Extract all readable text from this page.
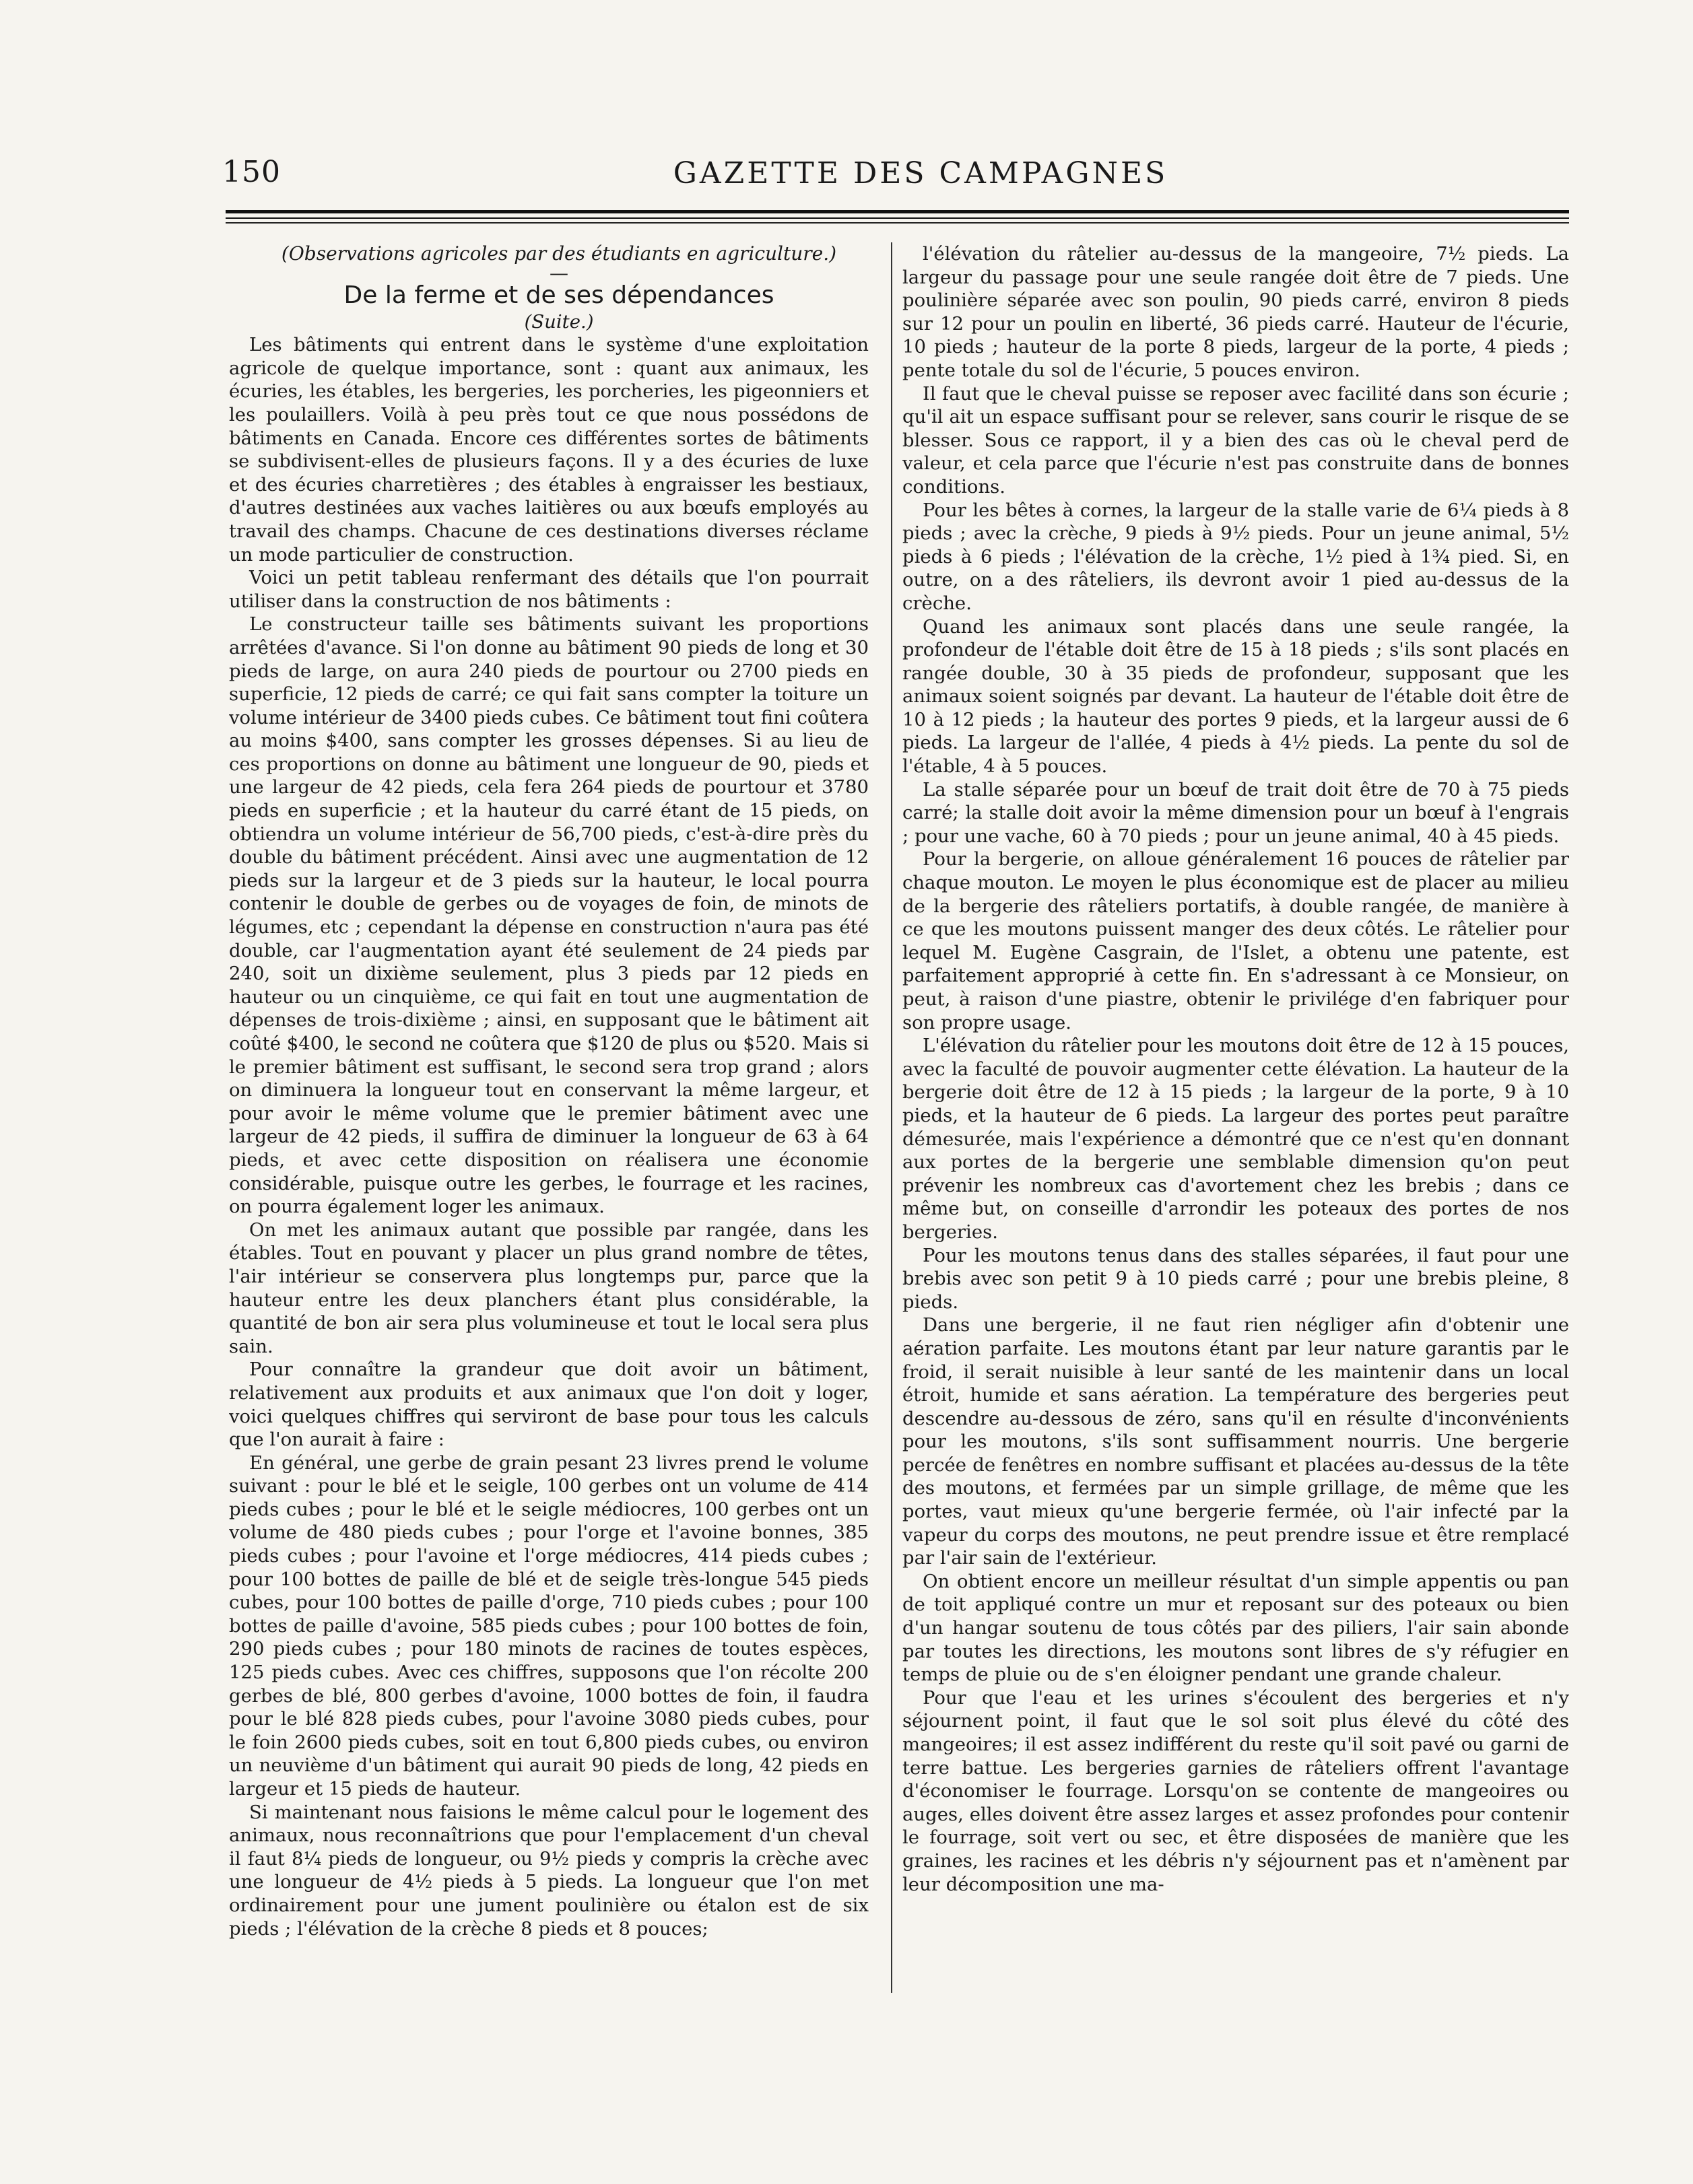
150	GAZETTE DES CAMPAGNES

(Observations agricoles par des étudiants en agriculture.)

—

De la ferme et de ses dépendances

(Suite.)

Les bâtiments qui entrent dans le système d'une exploitation agricole de quelque importance, sont : quant aux animaux, les écuries, les étables, les bergeries, les porcheries, les pigeonniers et les poulaillers. Voilà à peu près tout ce que nous possédons de bâtiments en Canada. Encore ces différentes sortes de bâtiments se subdivisent-elles de plusieurs façons. Il y a des écuries de luxe et des écuries charretières ; des étables à engraisser les bestiaux, d'autres destinées aux vaches laitières ou aux bœufs employés au travail des champs. Chacune de ces destinations diverses réclame un mode particulier de construction.

Voici un petit tableau renfermant des détails que l'on pourrait utiliser dans la construction de nos bâtiments :

Le constructeur taille ses bâtiments suivant les proportions arrêtées d'avance. Si l'on donne au bâtiment 90 pieds de long et 30 pieds de large, on aura 240 pieds de pourtour ou 2700 pieds en superficie, 12 pieds de carré; ce qui fait sans compter la toiture un volume intérieur de 3400 pieds cubes. Ce bâtiment tout fini coûtera au moins $400, sans compter les grosses dépenses. Si au lieu de ces proportions on donne au bâtiment une longueur de 90, pieds et une largeur de 42 pieds, cela fera 264 pieds de pourtour et 3780 pieds en superficie ; et la hauteur du carré étant de 15 pieds, on obtiendra un volume intérieur de 56,700 pieds, c'est-à-dire près du double du bâtiment précédent. Ainsi avec une augmentation de 12 pieds sur la largeur et de 3 pieds sur la hauteur, le local pourra contenir le double de gerbes ou de voyages de foin, de minots de légumes, etc ; cependant la dépense en construction n'aura pas été double, car l'augmentation ayant été seulement de 24 pieds par 240, soit un dixième seulement, plus 3 pieds par 12 pieds en hauteur ou un cinquième, ce qui fait en tout une augmentation de dépenses de trois-dixième ; ainsi, en supposant que le bâtiment ait coûté $400, le second ne coûtera que $120 de plus ou $520. Mais si le premier bâtiment est suffisant, le second sera trop grand ; alors on diminuera la longueur tout en conservant la même largeur, et pour avoir le même volume que le premier bâtiment avec une largeur de 42 pieds, il suffira de diminuer la longueur de 63 à 64 pieds, et avec cette disposition on réalisera une économie considérable, puisque outre les gerbes, le fourrage et les racines, on pourra également loger les animaux.

On met les animaux autant que possible par rangée, dans les étables. Tout en pouvant y placer un plus grand nombre de têtes, l'air intérieur se conservera plus longtemps pur, parce que la hauteur entre les deux planchers étant plus considérable, la quantité de bon air sera plus volumineuse et tout le local sera plus sain.

Pour connaître la grandeur que doit avoir un bâtiment, relativement aux produits et aux animaux que l'on doit y loger, voici quelques chiffres qui serviront de base pour tous les calculs que l'on aurait à faire :

En général, une gerbe de grain pesant 23 livres prend le volume suivant : pour le blé et le seigle, 100 gerbes ont un volume de 414 pieds cubes ; pour le blé et le seigle médiocres, 100 gerbes ont un volume de 480 pieds cubes ; pour l'orge et l'avoine bonnes, 385 pieds cubes ; pour l'avoine et l'orge médiocres, 414 pieds cubes ; pour 100 bottes de paille de blé et de seigle très-longue 545 pieds cubes, pour 100 bottes de paille d'orge, 710 pieds cubes ; pour 100 bottes de paille d'avoine, 585 pieds cubes ; pour 100 bottes de foin, 290 pieds cubes ; pour 180 minots de racines de toutes espèces, 125 pieds cubes. Avec ces chiffres, supposons que l'on récolte 200 gerbes de blé, 800 gerbes d'avoine, 1000 bottes de foin, il faudra pour le blé 828 pieds cubes, pour l'avoine 3080 pieds cubes, pour le foin 2600 pieds cubes, soit en tout 6,800 pieds cubes, ou environ un neuvième d'un bâtiment qui aurait 90 pieds de long, 42 pieds en largeur et 15 pieds de hauteur.

Si maintenant nous faisions le même calcul pour le logement des animaux, nous reconnaîtrions que pour l'emplacement d'un cheval il faut 8¼ pieds de longueur, ou 9½ pieds y compris la crèche avec une longueur de 4½ pieds à 5 pieds. La longueur que l'on met ordinairement pour une jument poulinière ou étalon est de six pieds ; l'élévation de la crèche 8 pieds et 8 pouces;

l'élévation du râtelier au-dessus de la mangeoire, 7½ pieds. La largeur du passage pour une seule rangée doit être de 7 pieds. Une poulinière séparée avec son poulin, 90 pieds carré, environ 8 pieds sur 12 pour un poulin en liberté, 36 pieds carré. Hauteur de l'écurie, 10 pieds ; hauteur de la porte 8 pieds, largeur de la porte, 4 pieds ; pente totale du sol de l'écurie, 5 pouces environ.

Il faut que le cheval puisse se reposer avec facilité dans son écurie ; qu'il ait un espace suffisant pour se relever, sans courir le risque de se blesser. Sous ce rapport, il y a bien des cas où le cheval perd de valeur, et cela parce que l'écurie n'est pas construite dans de bonnes conditions.

Pour les bêtes à cornes, la largeur de la stalle varie de 6¼ pieds à 8 pieds ; avec la crèche, 9 pieds à 9½ pieds. Pour un jeune animal, 5½ pieds à 6 pieds ; l'élévation de la crèche, 1½ pied à 1¾ pied. Si, en outre, on a des râteliers, ils devront avoir 1 pied au-dessus de la crèche.

Quand les animaux sont placés dans une seule rangée, la profondeur de l'étable doit être de 15 à 18 pieds ; s'ils sont placés en rangée double, 30 à 35 pieds de profondeur, supposant que les animaux soient soignés par devant. La hauteur de l'étable doit être de 10 à 12 pieds ; la hauteur des portes 9 pieds, et la largeur aussi de 6 pieds. La largeur de l'allée, 4 pieds à 4½ pieds. La pente du sol de l'étable, 4 à 5 pouces.

La stalle séparée pour un bœuf de trait doit être de 70 à 75 pieds carré; la stalle doit avoir la même dimension pour un bœuf à l'engrais ; pour une vache, 60 à 70 pieds ; pour un jeune animal, 40 à 45 pieds.

Pour la bergerie, on alloue généralement 16 pouces de râtelier par chaque mouton. Le moyen le plus économique est de placer au milieu de la bergerie des râteliers portatifs, à double rangée, de manière à ce que les moutons puissent manger des deux côtés. Le râtelier pour lequel M. Eugène Casgrain, de l'Islet, a obtenu une patente, est parfaitement approprié à cette fin. En s'adressant à ce Monsieur, on peut, à raison d'une piastre, obtenir le privilége d'en fabriquer pour son propre usage.

L'élévation du râtelier pour les moutons doit être de 12 à 15 pouces, avec la faculté de pouvoir augmenter cette élévation. La hauteur de la bergerie doit être de 12 à 15 pieds ; la largeur de la porte, 9 à 10 pieds, et la hauteur de 6 pieds. La largeur des portes peut paraître démesurée, mais l'expérience a démontré que ce n'est qu'en donnant aux portes de la bergerie une semblable dimension qu'on peut prévenir les nombreux cas d'avortement chez les brebis ; dans ce même but, on conseille d'arrondir les poteaux des portes de nos bergeries.

Pour les moutons tenus dans des stalles séparées, il faut pour une brebis avec son petit 9 à 10 pieds carré ; pour une brebis pleine, 8 pieds.

Dans une bergerie, il ne faut rien négliger afin d'obtenir une aération parfaite. Les moutons étant par leur nature garantis par le froid, il serait nuisible à leur santé de les maintenir dans un local étroit, humide et sans aération. La température des bergeries peut descendre au-dessous de zéro, sans qu'il en résulte d'inconvénients pour les moutons, s'ils sont suffisamment nourris. Une bergerie percée de fenêtres en nombre suffisant et placées au-dessus de la tête des moutons, et fermées par un simple grillage, de même que les portes, vaut mieux qu'une bergerie fermée, où l'air infecté par la vapeur du corps des moutons, ne peut prendre issue et être remplacé par l'air sain de l'extérieur.

On obtient encore un meilleur résultat d'un simple appentis ou pan de toit appliqué contre un mur et reposant sur des poteaux ou bien d'un hangar soutenu de tous côtés par des piliers, l'air sain abonde par toutes les directions, les moutons sont libres de s'y réfugier en temps de pluie ou de s'en éloigner pendant une grande chaleur.

Pour que l'eau et les urines s'écoulent des bergeries et n'y séjournent point, il faut que le sol soit plus élevé du côté des mangeoires; il est assez indifférent du reste qu'il soit pavé ou garni de terre battue. Les bergeries garnies de râteliers offrent l'avantage d'économiser le fourrage. Lorsqu'on se contente de mangeoires ou auges, elles doivent être assez larges et assez profondes pour contenir le fourrage, soit vert ou sec, et être disposées de manière que les graines, les racines et les débris n'y séjournent pas et n'amènent par leur décomposition une ma-
